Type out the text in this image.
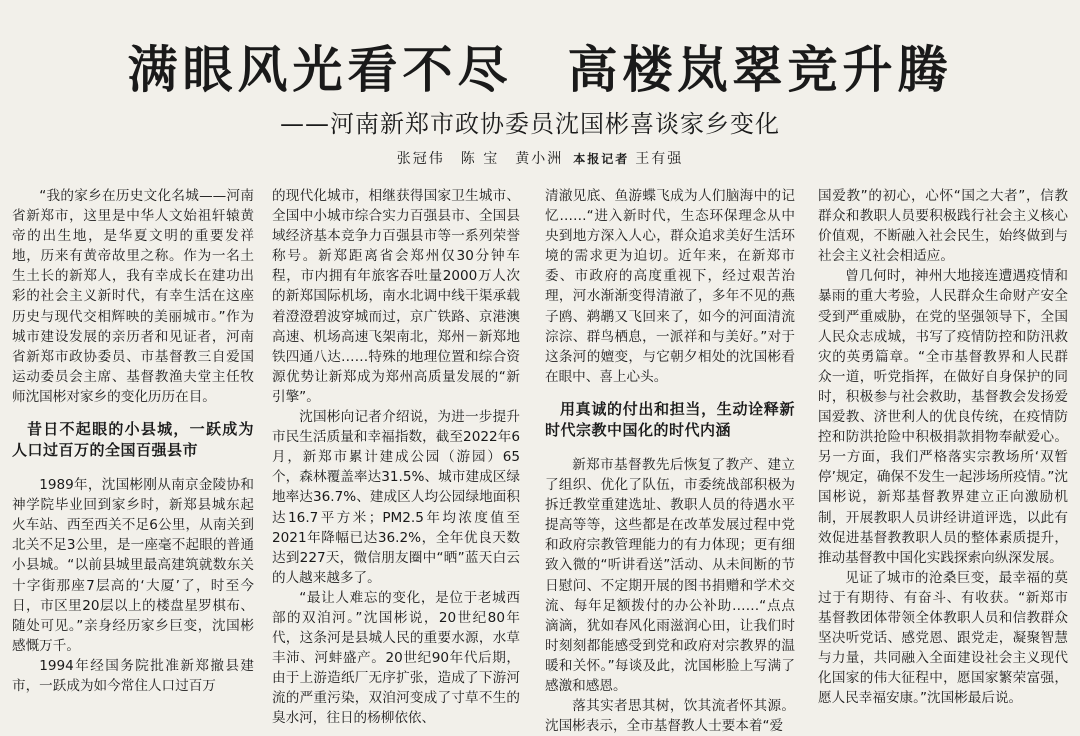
满眼风光看不尽　高楼岚翠竞升腾
——河南新郑市政协委员沈国彬喜谈家乡变化
张冠伟　陈 宝　黄小洲 本报记者 王有强

“我的家乡在历史文化名城——河南省新郑市，这里是中华人文始祖轩辕黄帝的出生地，是华夏文明的重要发祥地，历来有黄帝故里之称。作为一名土生土长的新郑人，我有幸成长在建功出彩的社会主义新时代，有幸生活在这座历史与现代交相辉映的美丽城市。”作为城市建设发展的亲历者和见证者，河南省新郑市政协委员、市基督教三自爱国运动委员会主席、基督教渔夫堂主任牧师沈国彬对家乡的变化历历在目。

昔日不起眼的小县城，一跃成为人口过百万的全国百强县市

1989年，沈国彬刚从南京金陵协和神学院毕业回到家乡时，新郑县城东起火车站、西至西关不足6公里，从南关到北关不足3公里，是一座毫不起眼的普通小县城。“以前县城里最高建筑就数东关十字街那座7层高的‘大厦’了，时至今日，市区里20层以上的楼盘星罗棋布、随处可见。”亲身经历家乡巨变，沈国彬感慨万千。

1994年经国务院批准新郑撤县建市，一跃成为如今常住人口过百万

的现代化城市，相继获得国家卫生城市、全国中小城市综合实力百强县市、全国县域经济基本竞争力百强县市等一系列荣誉称号。新郑距离省会郑州仅30分钟车程，市内拥有年旅客吞吐量2000万人次的新郑国际机场，南水北调中线干渠承载着澄澄碧波穿城而过，京广铁路、京港澳高速、机场高速飞架南北，郑州－新郑地铁四通八达……特殊的地理位置和综合资源优势让新郑成为郑州高质量发展的“新引擎”。

沈国彬向记者介绍说，为进一步提升市民生活质量和幸福指数，截至2022年6月，新郑市累计建成公园（游园）65个，森林覆盖率达31.5%、城市建成区绿地率达36.7%、建成区人均公园绿地面积达16.7平方米；PM2.5年均浓度值至2021年降幅已达36.2%，全年优良天数达到227天，微信朋友圈中“晒”蓝天白云的人越来越多了。

“最让人难忘的变化，是位于老城西部的双洎河。”沈国彬说，20世纪80年代，这条河是县城人民的重要水源，水草丰沛、河蚌盛产。20世纪90年代后期，由于上游造纸厂无序扩张，造成了下游河流的严重污染，双洎河变成了寸草不生的臭水河，往日的杨柳依依、

清澈见底、鱼游蝶飞成为人们脑海中的记忆……“进入新时代，生态环保理念从中央到地方深入人心，群众追求美好生活环境的需求更为迫切。近年来，在新郑市委、市政府的高度重视下，经过艰苦治理，河水渐渐变得清澈了，多年不见的燕子鸥、鹈鹕又飞回来了，如今的河面清流淙淙、群鸟栖息，一派祥和与美好。”对于这条河的嬗变，与它朝夕相处的沈国彬看在眼中、喜上心头。

用真诚的付出和担当，生动诠释新时代宗教中国化的时代内涵

新郑市基督教先后恢复了教产、建立了组织、优化了队伍，市委统战部积极为拆迁教堂重建选址、教职人员的待遇水平提高等等，这些都是在改革发展过程中党和政府宗教管理能力的有力体现；更有细致入微的“听讲看送”活动、从未间断的节日慰问、不定期开展的图书捐赠和学术交流、每年足额拨付的办公补助……“点点滴滴，犹如春风化雨滋润心田，让我们时时刻刻都能感受到党和政府对宗教界的温暖和关怀。”每谈及此，沈国彬脸上写满了感激和感恩。

落其实者思其树，饮其流者怀其源。沈国彬表示，全市基督教人士要本着“爱

国爱教”的初心，心怀“国之大者”，信教群众和教职人员要积极践行社会主义核心价值观，不断融入社会民生，始终做到与社会主义社会相适应。

曾几何时，神州大地接连遭遇疫情和暴雨的重大考验，人民群众生命财产安全受到严重威胁，在党的坚强领导下，全国人民众志成城，书写了疫情防控和防汛救灾的英勇篇章。“全市基督教界和人民群众一道，听党指挥，在做好自身保护的同时，积极参与社会救助，基督教会发扬爱国爱教、济世利人的优良传统，在疫情防控和防洪抢险中积极捐款捐物奉献爱心。另一方面，我们严格落实宗教场所‘双暂停’规定，确保不发生一起涉场所疫情。”沈国彬说，新郑基督教界建立正向激励机制，开展教职人员讲经讲道评选，以此有效促进基督教教职人员的整体素质提升，推动基督教中国化实践探索向纵深发展。

见证了城市的沧桑巨变，最幸福的莫过于有期待、有奋斗、有收获。“新郑市基督教团体带领全体教职人员和信教群众坚决听党话、感党恩、跟党走，凝聚智慧与力量，共同融入全面建设社会主义现代化国家的伟大征程中，愿国家繁荣富强，愿人民幸福安康。”沈国彬最后说。
